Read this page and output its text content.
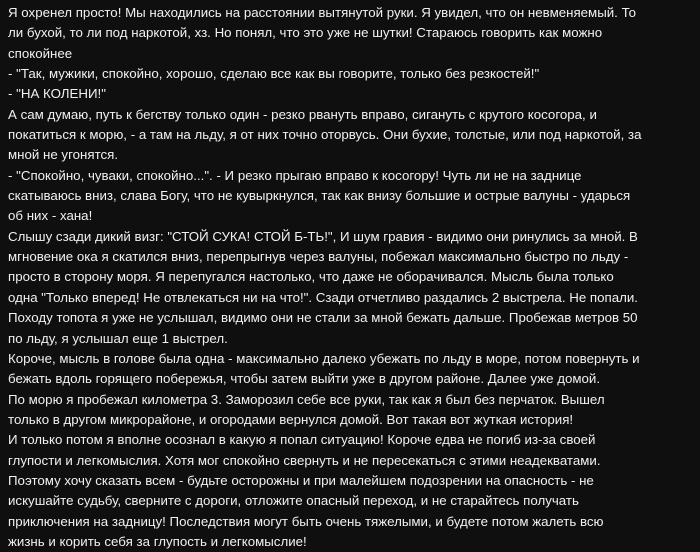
Я охренел просто! Мы находились на расстоянии вытянутой руки. Я увидел, что он невменяемый. То
ли бухой, то ли под наркотой, хз. Но понял, что это уже не шутки! Стараюсь говорить как можно
спокойнее
- "Так, мужики, спокойно, хорошо, сделаю все как вы говорите, только без резкостей!"
- "НА КОЛЕНИ!"
А сам думаю, путь к бегству только один - резко рвануть вправо, сигануть с крутого косогора, и
покатиться к морю, - а там на льду, я от них точно оторвусь. Они бухие, толстые, или под наркотой, за
мной не угонятся.
- "Спокойно, чуваки, спокойно...". - И резко прыгаю вправо к косогору! Чуть ли не на заднице
скатываюсь вниз, слава Богу, что не кувыркнулся, так как внизу большие и острые валуны - ударься
об них - хана!
Слышу сзади дикий визг: "СТОЙ СУКА! СТОЙ Б-ТЬ!", И шум гравия - видимо они ринулись за мной. В
мгновение ока я скатился вниз, перепрыгнув через валуны, побежал максимально быстро по льду -
просто в сторону моря. Я перепугался настолько, что даже не оборачивался. Мысль была только
одна "Только вперед! Не отвлекаться ни на что!". Сзади отчетливо раздались 2 выстрела. Не попали.
Походу топота я уже не услышал, видимо они не стали за мной бежать дальше. Пробежав метров 50
по льду, я услышал еще 1 выстрел.
Короче, мысль в голове была одна - максимально далеко убежать по льду в море, потом повернуть и
бежать вдоль горящего побережья, чтобы затем выйти уже в другом районе. Далее уже домой.
По морю я пробежал километра 3. Заморозил себе все руки, так как я был без перчаток. Вышел
только в другом микрорайоне, и огородами вернулся домой. Вот такая вот жуткая история!
И только потом я вполне осознал в какую я попал ситуацию! Короче едва не погиб из-за своей
глупости и легкомыслия. Хотя мог спокойно свернуть и не пересекаться с этими неадекватами.
Поэтому хочу сказать всем - будьте осторожны и при малейшем подозрении на опасность - не
искушайте судьбу, сверните с дороги, отложите опасный переход, и не старайтесь получать
приключения на задницу! Последствия могут быть очень тяжелыми, и будете потом жалеть всю
жизнь и корить себя за глупость и легкомыслие!
